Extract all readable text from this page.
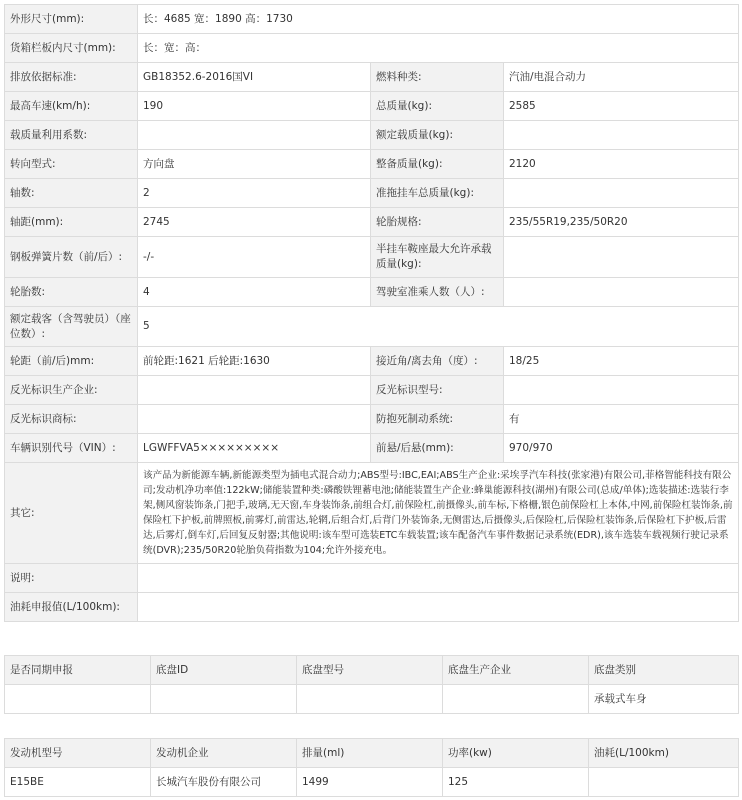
外形尺寸(mm):	长：4685 宽：1890 高：1730		
货箱栏板内尺寸(mm):	长：宽：高：		
排放依据标准:	GB18352.6-2016国VI	燃料种类:	汽油/电混合动力
最高车速(km/h):	190	总质量(kg):	2585
载质量利用系数:		额定载质量(kg):	
转向型式:	方向盘	整备质量(kg):	2120
轴数:	2	准拖挂车总质量(kg):	
轴距(mm):	2745	轮胎规格:	235/55R19,235/50R20
钢板弹簧片数（前/后）:	-/-	半挂车鞍座最大允许承载质量(kg):	
轮胎数:	4	驾驶室准乘人数（人）:	
额定载客（含驾驶员）（座位数）:	5		
轮距（前/后)mm:	前轮距:1621 后轮距:1630	接近角/离去角（度）:	18/25
反光标识生产企业:		反光标识型号:	
反光标识商标:		防抱死制动系统:	有
车辆识别代号（VIN）:	LGWFFVA5×××××××××	前悬/后悬(mm):	970/970
其它:	该产品为新能源车辆,新能源类型为插电式混合动力;ABS型号:IBC,EAI;ABS生产企业:采埃孚汽车科技(张家港)有限公司,菲格智能科技有限公司;发动机净功率值:122kW;储能装置种类:磷酸铁锂蓄电池;储能装置生产企业:蜂巢能源科技(湖州)有限公司(总成/单体);选装描述:选装行李架,侧风窗装饰条,门把手,玻璃,无天窗,车身装饰条,前组合灯,前保险杠,前摄像头,前车标,下格栅,银色前保险杠上本体,中网,前保险杠装饰条,前保险杠下护板,前牌照板,前雾灯,前雷达,轮辋,后组合灯,后背门外装饰条,无侧雷达,后摄像头,后保险杠,后保险杠装饰条,后保险杠下护板,后雷达,后雾灯,倒车灯,后回复反射器;其他说明:该车型可选装ETC车载装置;该车配备汽车事件数据记录系统(EDR),该车选装车载视频行驶记录系统(DVR);235/50R20轮胎负荷指数为104;允许外接充电。		
说明:			
油耗申报值(L/100km):			
是否同期申报	底盘ID	底盘型号	底盘生产企业	底盘类别
				承载式车身
发动机型号	发动机企业	排量(ml)	功率(kw)	油耗(L/100km)
E15BE	长城汽车股份有限公司	1499	125	
